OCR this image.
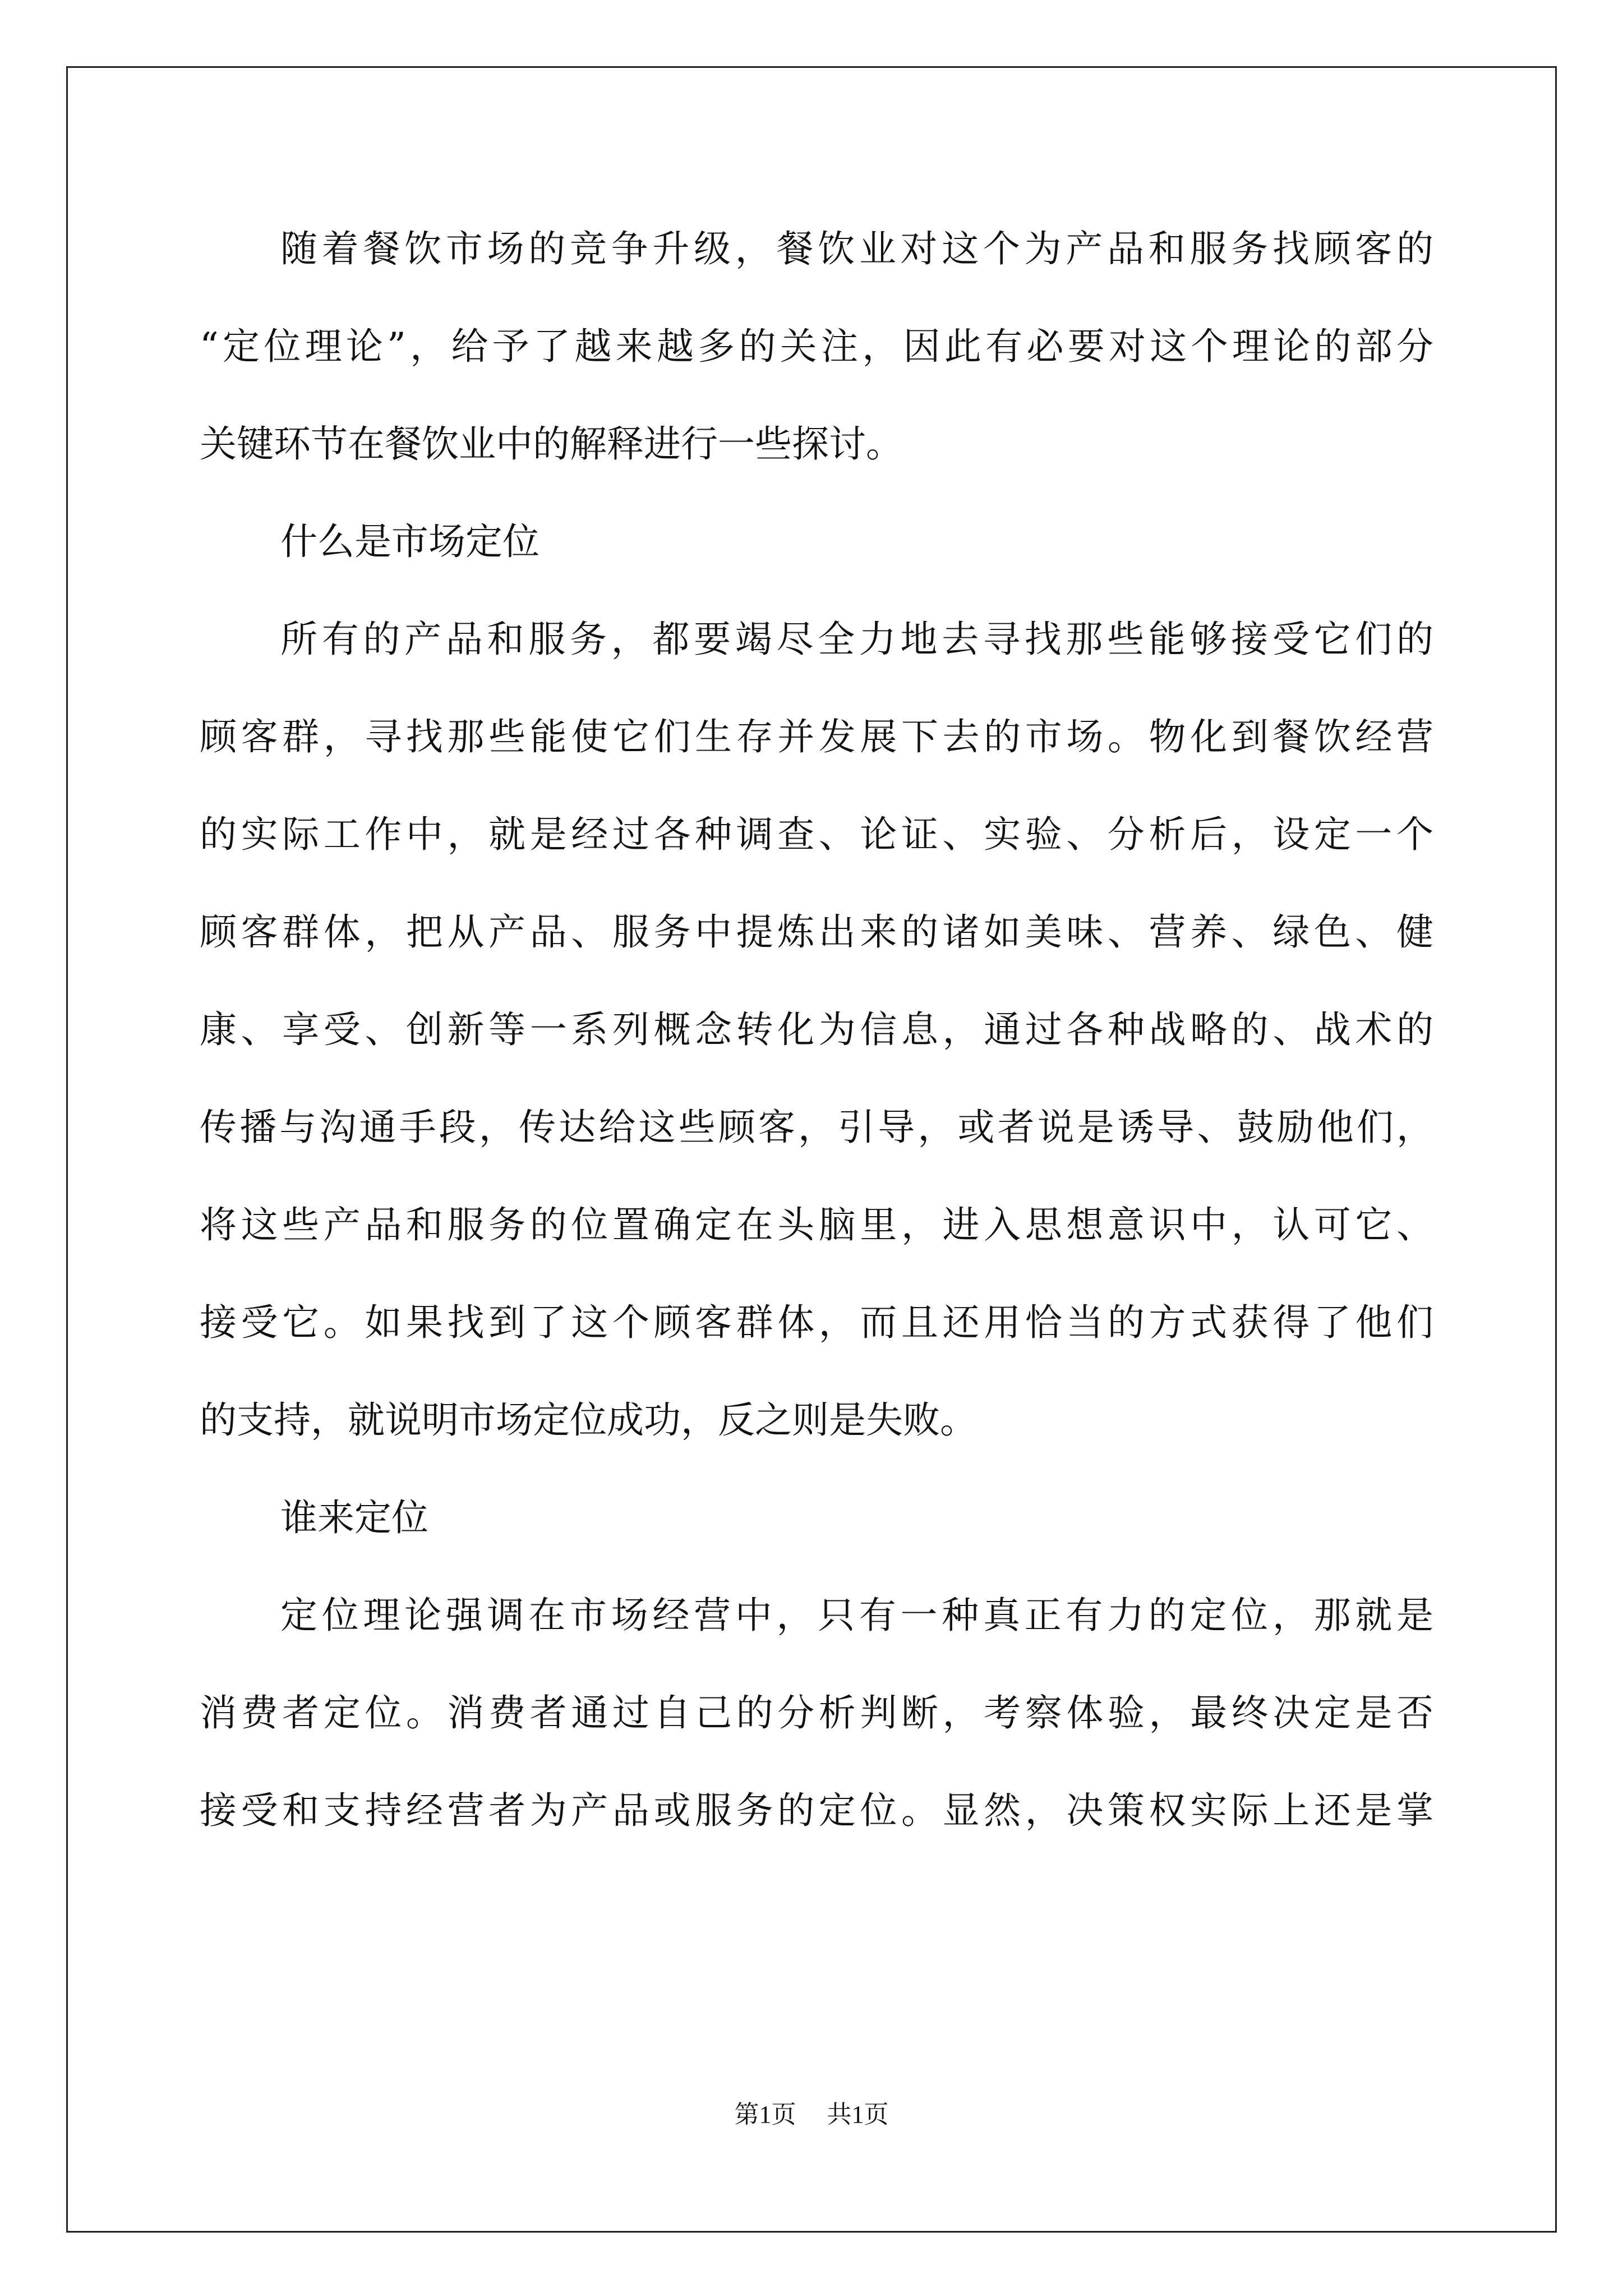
随着餐饮市场的竞争升级，餐饮业对这个为产品和服务找顾客的
“定位理论”，给予了越来越多的关注，因此有必要对这个理论的部分
关键环节在餐饮业中的解释进行一些探讨。
什么是市场定位
所有的产品和服务，都要竭尽全力地去寻找那些能够接受它们的
顾客群，寻找那些能使它们生存并发展下去的市场。物化到餐饮经营
的实际工作中，就是经过各种调查、论证、实验、分析后，设定一个
顾客群体，把从产品、服务中提炼出来的诸如美味、营养、绿色、健
康、享受、创新等一系列概念转化为信息，通过各种战略的、战术的
传播与沟通手段，传达给这些顾客，引导，或者说是诱导、鼓励他们，
将这些产品和服务的位置确定在头脑里，进入思想意识中，认可它、
接受它。如果找到了这个顾客群体，而且还用恰当的方式获得了他们
的支持，就说明市场定位成功，反之则是失败。
谁来定位
定位理论强调在市场经营中，只有一种真正有力的定位，那就是
消费者定位。消费者通过自己的分析判断，考察体验，最终决定是否
接受和支持经营者为产品或服务的定位。显然，决策权实际上还是掌
第1页 共1页
